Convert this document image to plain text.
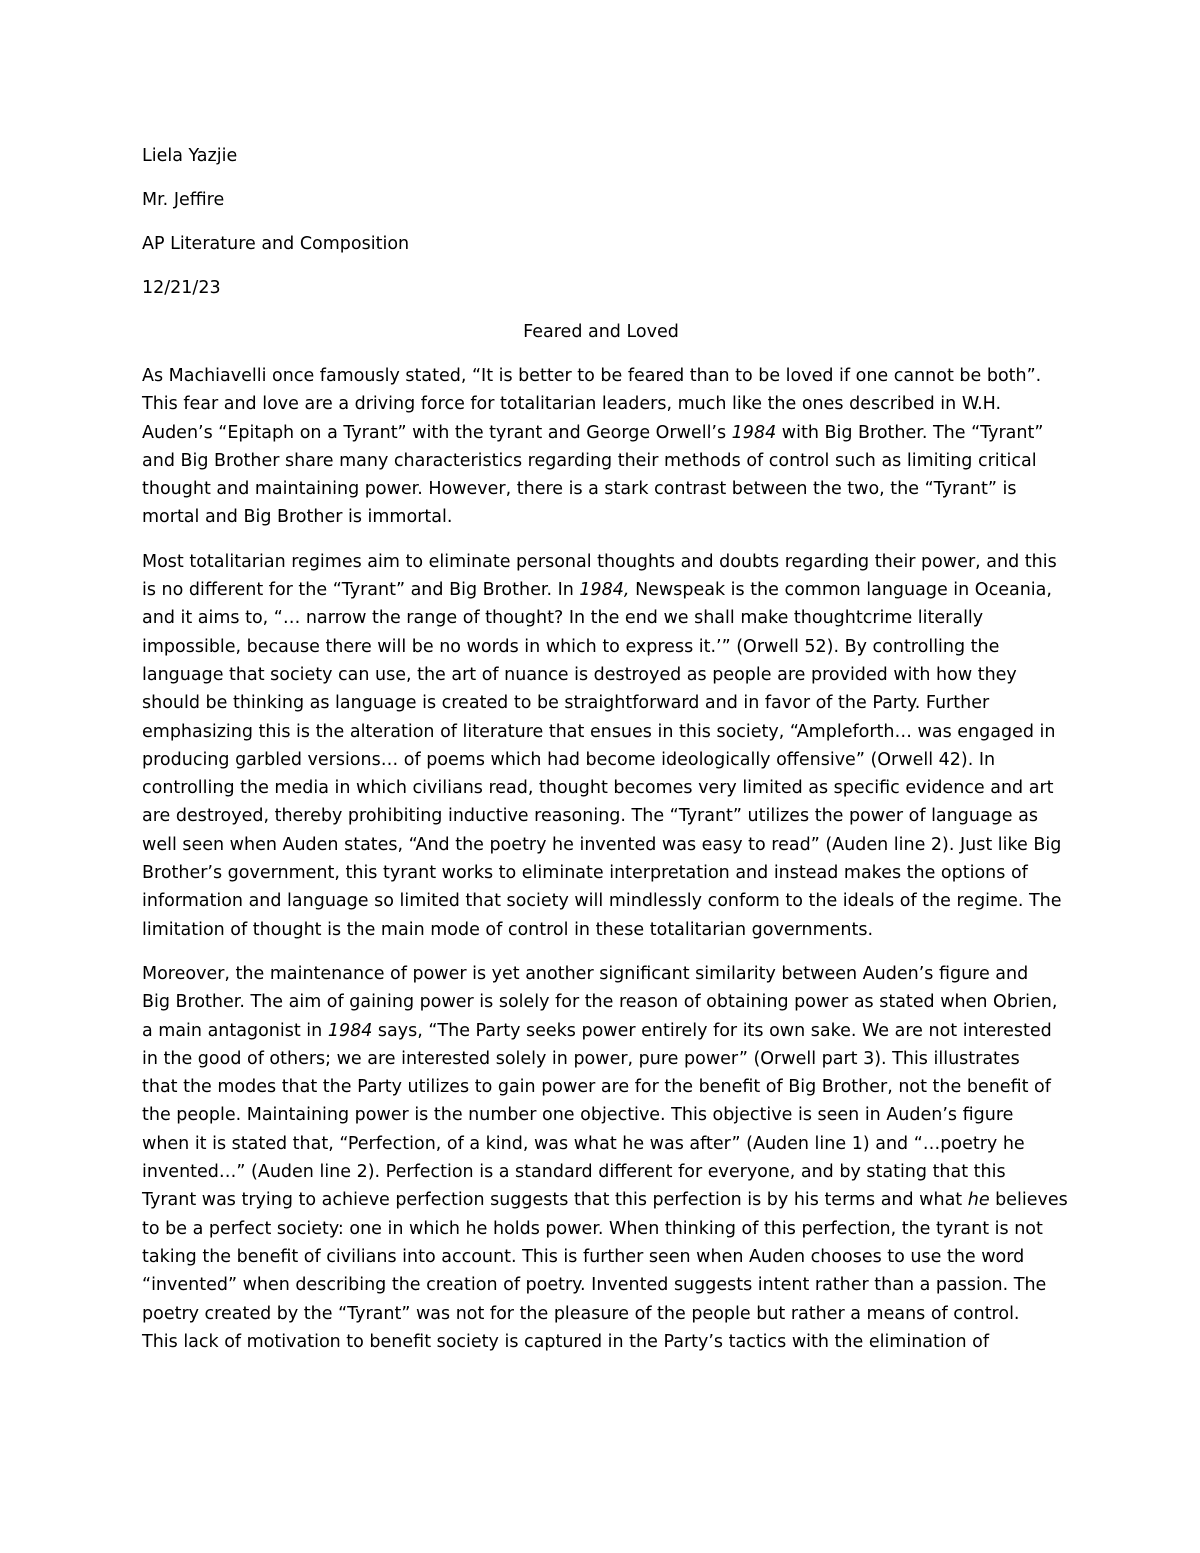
Liela Yazjie
Mr. Jeffire
AP Literature and Composition
12/21/23
Feared and Loved
As Machiavelli once famously stated, “It is better to be feared than to be loved if one cannot be both”.
This fear and love are a driving force for totalitarian leaders, much like the ones described in W.H.
Auden’s “Epitaph on a Tyrant” with the tyrant and George Orwell’s 1984 with Big Brother. The “Tyrant”
and Big Brother share many characteristics regarding their methods of control such as limiting critical
thought and maintaining power. However, there is a stark contrast between the two, the “Tyrant” is
mortal and Big Brother is immortal.
Most totalitarian regimes aim to eliminate personal thoughts and doubts regarding their power, and this
is no different for the “Tyrant” and Big Brother. In 1984, Newspeak is the common language in Oceania,
and it aims to, “… narrow the range of thought? In the end we shall make thoughtcrime literally
impossible, because there will be no words in which to express it.’” (Orwell 52). By controlling the
language that society can use, the art of nuance is destroyed as people are provided with how they
should be thinking as language is created to be straightforward and in favor of the Party. Further
emphasizing this is the alteration of literature that ensues in this society, “Ampleforth… was engaged in
producing garbled versions… of poems which had become ideologically offensive” (Orwell 42). In
controlling the media in which civilians read, thought becomes very limited as specific evidence and art
are destroyed, thereby prohibiting inductive reasoning. The “Tyrant” utilizes the power of language as
well seen when Auden states, “And the poetry he invented was easy to read” (Auden line 2). Just like Big
Brother’s government, this tyrant works to eliminate interpretation and instead makes the options of
information and language so limited that society will mindlessly conform to the ideals of the regime. The
limitation of thought is the main mode of control in these totalitarian governments.
Moreover, the maintenance of power is yet another significant similarity between Auden’s figure and
Big Brother. The aim of gaining power is solely for the reason of obtaining power as stated when Obrien,
a main antagonist in 1984 says, “The Party seeks power entirely for its own sake. We are not interested
in the good of others; we are interested solely in power, pure power” (Orwell part 3). This illustrates
that the modes that the Party utilizes to gain power are for the benefit of Big Brother, not the benefit of
the people. Maintaining power is the number one objective. This objective is seen in Auden’s figure
when it is stated that, “Perfection, of a kind, was what he was after” (Auden line 1) and “…poetry he
invented…” (Auden line 2). Perfection is a standard different for everyone, and by stating that this
Tyrant was trying to achieve perfection suggests that this perfection is by his terms and what he believes
to be a perfect society: one in which he holds power. When thinking of this perfection, the tyrant is not
taking the benefit of civilians into account. This is further seen when Auden chooses to use the word
“invented” when describing the creation of poetry. Invented suggests intent rather than a passion. The
poetry created by the “Tyrant” was not for the pleasure of the people but rather a means of control.
This lack of motivation to benefit society is captured in the Party’s tactics with the elimination of
